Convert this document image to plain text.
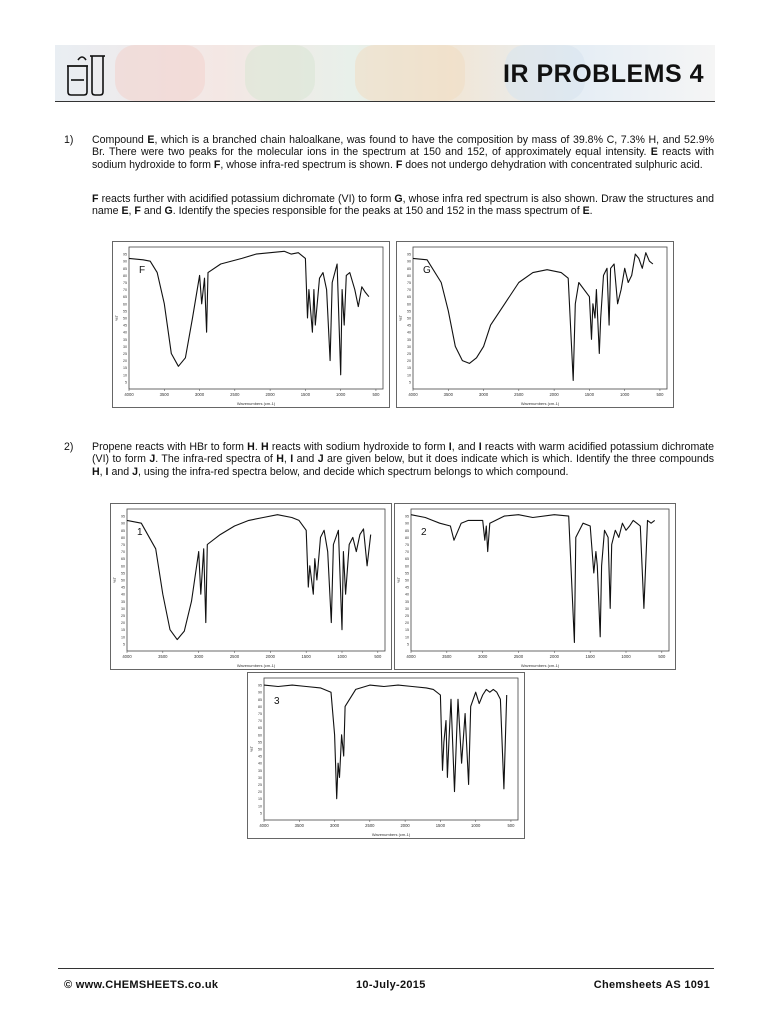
IR PROBLEMS 4
1) Compound E, which is a branched chain haloalkane, was found to have the composition by mass of 39.8% C, 7.3% H, and 52.9% Br. There were two peaks for the molecular ions in the spectrum at 150 and 152, of approximately equal intensity. E reacts with sodium hydroxide to form F, whose infra-red spectrum is shown. F does not undergo dehydration with concentrated sulphuric acid.
F reacts further with acidified potassium dichromate (VI) to form G, whose infra red spectrum is also shown. Draw the structures and name E, F and G. Identify the species responsible for the peaks at 150 and 152 in the mass spectrum of E.
95
90
85
80
75
70
65
60
55
50
45
40
35
30
25
20
15
10
5
4000	3500	3000	2500	2000	1500	1000	500
Wavenumbers (cm-1)
%T
F
95
90
85
80
75
70
65
60
55
50
45
40
35
30
25
20
15
10
5
4000	3500	3000	2500	2000	1500	1000	500
Wavenumbers (cm-1)
%T
G
2) Propene reacts with HBr to form H. H reacts with sodium hydroxide to form I, and I reacts with warm acidified potassium dichromate (VI) to form J. The infra-red spectra of H, I and J are given below, but it does indicate which is which. Identify the three compounds H, I and J, using the infra-red spectra below, and decide which spectrum belongs to which compound.
95
90
85
80
75
70
65
60
55
50
45
40
35
30
25
20
15
10
5
4000	3500	3000	2500	2000	1500	1000	500
Wavenumbers (cm-1)
%T
1
95
90
85
80
75
70
65
60
55
50
45
40
35
30
25
20
15
10
5
4000	3500	3000	2500	2000	1500	1000	500
Wavenumbers (cm-1)
%T
2
95
90
85
80
75
70
65
60
55
50
45
40
35
30
25
20
15
10
5
4000	3500	3000	2500	2000	1500	1000	500
Wavenumbers (cm-1)
%T
3
© www.CHEMSHEETS.co.uk	10-July-2015	Chemsheets AS 1091
